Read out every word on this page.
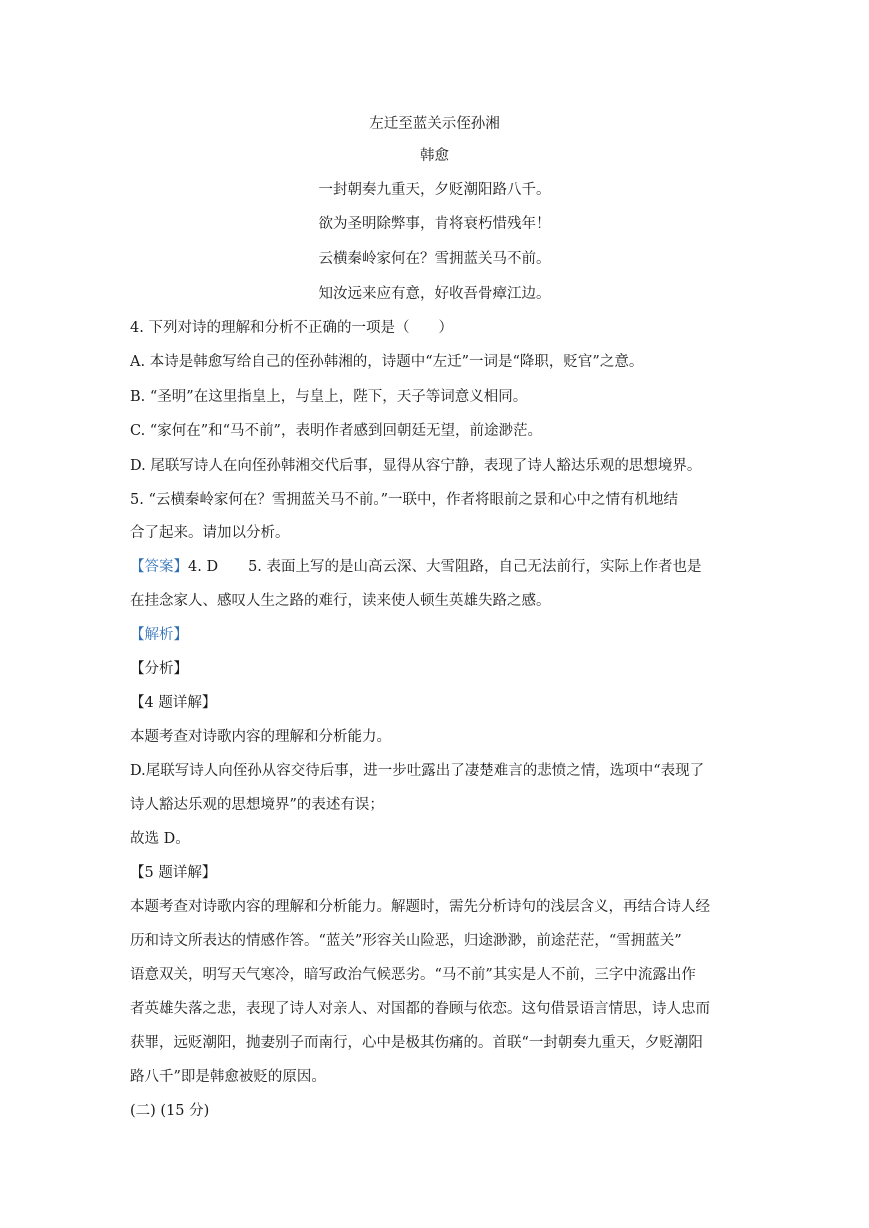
左迁至蓝关示侄孙湘
韩愈
一封朝奏九重天，夕贬潮阳路八千。
欲为圣明除弊事，肯将衰朽惜残年！
云横秦岭家何在？雪拥蓝关马不前。
知汝远来应有意，好收吾骨瘴江边。
4. 下列对诗的理解和分析不正确的一项是（　　）
A. 本诗是韩愈写给自己的侄孙韩湘的，诗题中“左迁”一词是“降职，贬官”之意。
B. “圣明”在这里指皇上，与皇上，陛下，天子等词意义相同。
C. “家何在”和“马不前”，表明作者感到回朝廷无望，前途渺茫。
D. 尾联写诗人在向侄孙韩湘交代后事，显得从容宁静，表现了诗人豁达乐观的思想境界。
5. “云横秦岭家何在？雪拥蓝关马不前。”一联中，作者将眼前之景和心中之情有机地结
合了起来。请加以分析。
【答案】4. D 5. 表面上写的是山高云深、大雪阻路，自己无法前行，实际上作者也是
在挂念家人、感叹人生之路的难行，读来使人顿生英雄失路之感。
【解析】
【分析】
【4 题详解】
本题考查对诗歌内容的理解和分析能力。
D.尾联写诗人向侄孙从容交待后事，进一步吐露出了凄楚难言的悲愤之情，选项中“表现了
诗人豁达乐观的思想境界”的表述有误；
故选 D。
【5 题详解】
本题考查对诗歌内容的理解和分析能力。解题时，需先分析诗句的浅层含义，再结合诗人经
历和诗文所表达的情感作答。“蓝关”形容关山险恶，归途渺渺，前途茫茫，“雪拥蓝关”
语意双关，明写天气寒冷，暗写政治气候恶劣。“马不前”其实是人不前，三字中流露出作
者英雄失落之悲，表现了诗人对亲人、对国都的眷顾与依恋。这句借景语言情思，诗人忠而
获罪，远贬潮阳，抛妻别子而南行，心中是极其伤痛的。首联“一封朝奏九重天，夕贬潮阳
路八千”即是韩愈被贬的原因。
(二) (15 分)
